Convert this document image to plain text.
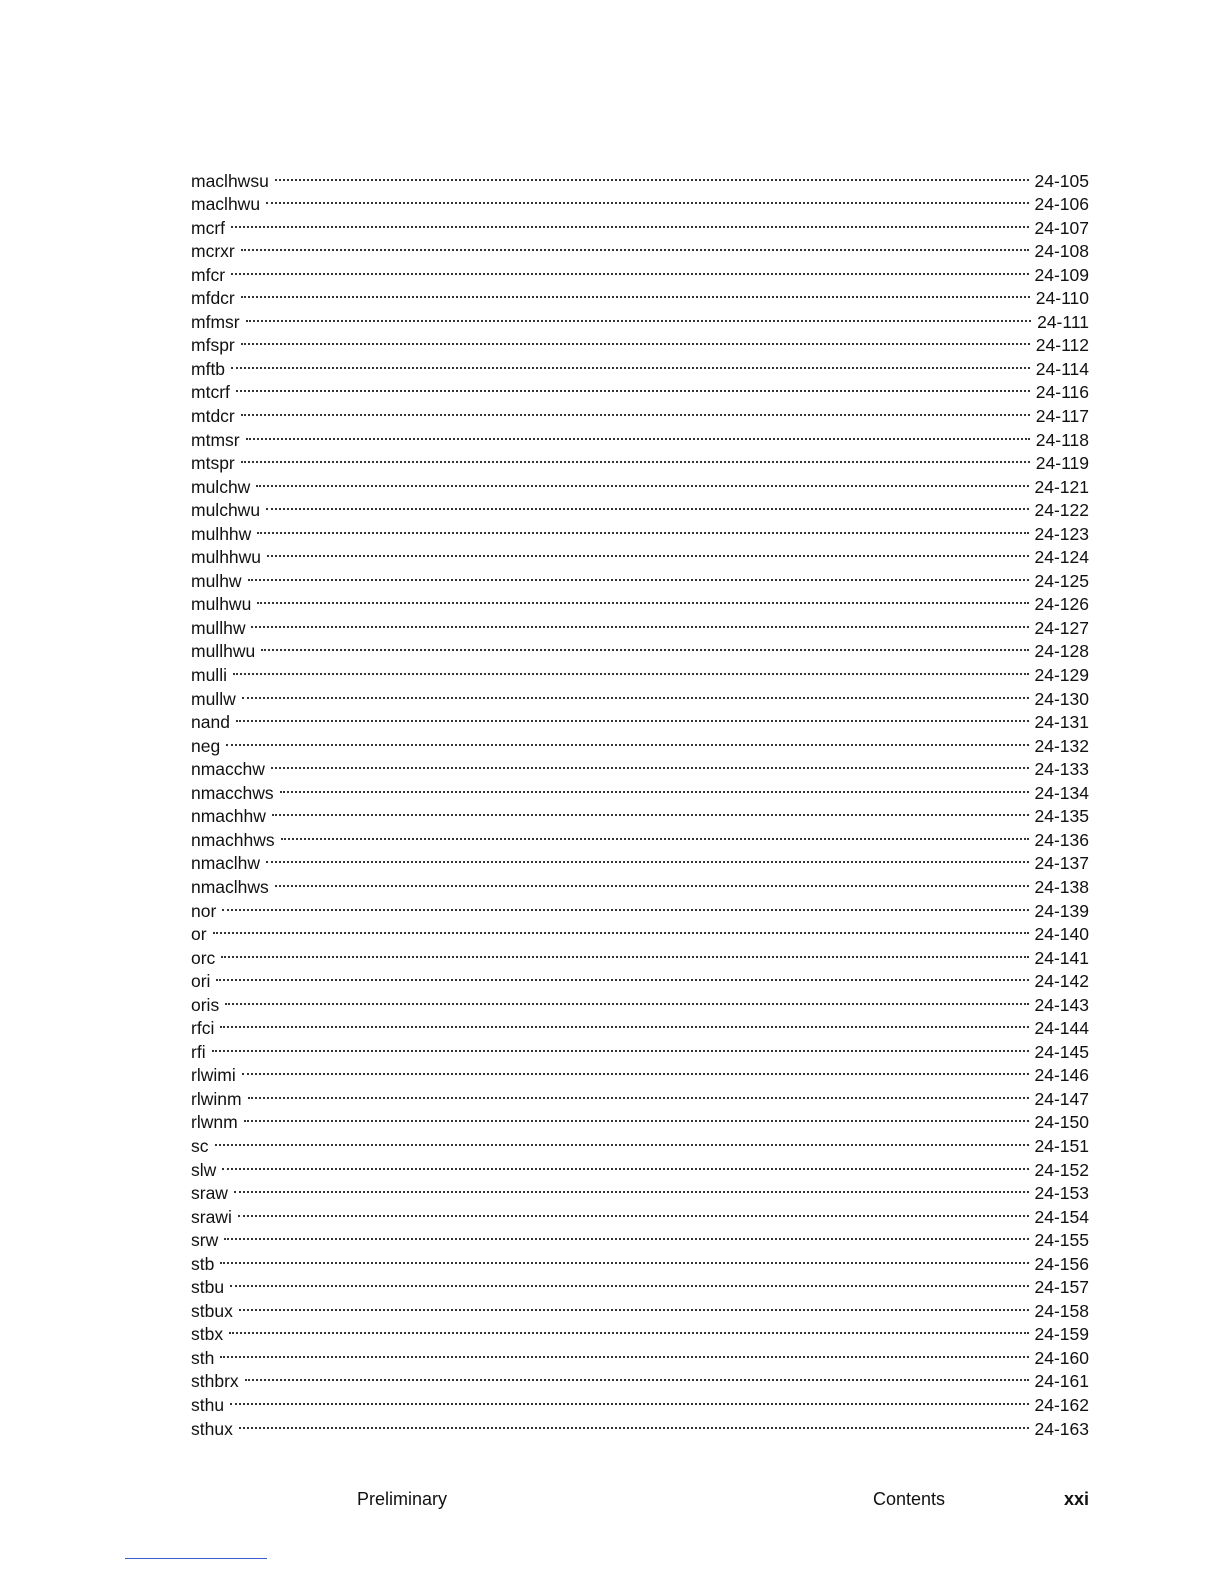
maclhwsu	24-105
maclhwu	24-106
mcrf	24-107
mcrxr	24-108
mfcr	24-109
mfdcr	24-110
mfmsr	24-111
mfspr	24-112
mftb	24-114
mtcrf	24-116
mtdcr	24-117
mtmsr	24-118
mtspr	24-119
mulchw	24-121
mulchwu	24-122
mulhhw	24-123
mulhhwu	24-124
mulhw	24-125
mulhwu	24-126
mullhw	24-127
mullhwu	24-128
mulli	24-129
mullw	24-130
nand	24-131
neg	24-132
nmacchw	24-133
nmacchws	24-134
nmachhw	24-135
nmachhws	24-136
nmaclhw	24-137
nmaclhws	24-138
nor	24-139
or	24-140
orc	24-141
ori	24-142
oris	24-143
rfci	24-144
rfi	24-145
rlwimi	24-146
rlwinm	24-147
rlwnm	24-150
sc	24-151
slw	24-152
sraw	24-153
srawi	24-154
srw	24-155
stb	24-156
stbu	24-157
stbux	24-158
stbx	24-159
sth	24-160
sthbrx	24-161
sthu	24-162
sthux	24-163
Preliminary	Contents	xxi
